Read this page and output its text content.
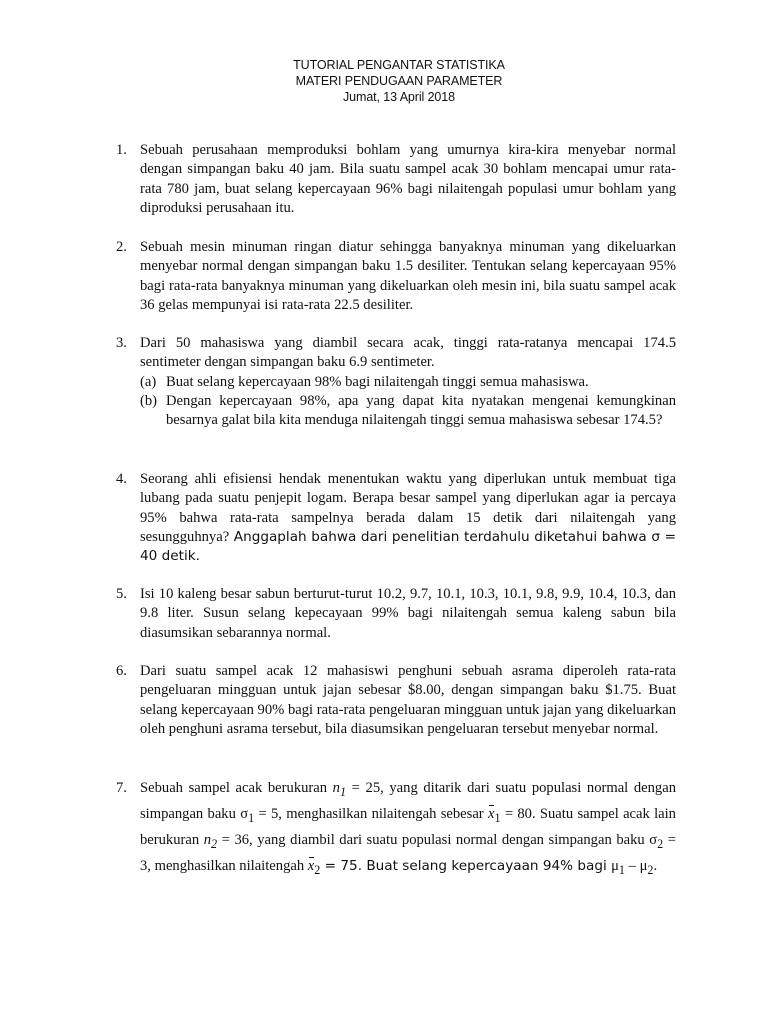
TUTORIAL PENGANTAR STATISTIKA
MATERI PENDUGAAN PARAMETER
Jumat, 13 April 2018
1. Sebuah perusahaan memproduksi bohlam yang umurnya kira-kira menyebar normal dengan simpangan baku 40 jam. Bila suatu sampel acak 30 bohlam mencapai umur rata-rata 780 jam, buat selang kepercayaan 96% bagi nilaitengah populasi umur bohlam yang diproduksi perusahaan itu.
2. Sebuah mesin minuman ringan diatur sehingga banyaknya minuman yang dikeluarkan menyebar normal dengan simpangan baku 1.5 desiliter. Tentukan selang kepercayaan 95% bagi rata-rata banyaknya minuman yang dikeluarkan oleh mesin ini, bila suatu sampel acak 36 gelas mempunyai isi rata-rata 22.5 desiliter.
3. Dari 50 mahasiswa yang diambil secara acak, tinggi rata-ratanya mencapai 174.5 sentimeter dengan simpangan baku 6.9 sentimeter.
(a) Buat selang kepercayaan 98% bagi nilaitengah tinggi semua mahasiswa.
(b) Dengan kepercayaan 98%, apa yang dapat kita nyatakan mengenai kemungkinan besarnya galat bila kita menduga nilaitengah tinggi semua mahasiswa sebesar 174.5?
4. Seorang ahli efisiensi hendak menentukan waktu yang diperlukan untuk membuat tiga lubang pada suatu penjepit logam. Berapa besar sampel yang diperlukan agar ia percaya 95% bahwa rata-rata sampelnya berada dalam 15 detik dari nilaitengah yang sesungguhnya? Anggaplah bahwa dari penelitian terdahulu diketahui bahwa σ = 40 detik.
5. Isi 10 kaleng besar sabun berturut-turut 10.2, 9.7, 10.1, 10.3, 10.1, 9.8, 9.9, 10.4, 10.3, dan 9.8 liter. Susun selang kepecayaan 99% bagi nilaitengah semua kaleng sabun bila diasumsikan sebarannya normal.
6. Dari suatu sampel acak 12 mahasiswi penghuni sebuah asrama diperoleh rata-rata pengeluaran mingguan untuk jajan sebesar $8.00, dengan simpangan baku $1.75. Buat selang kepercayaan 90% bagi rata-rata pengeluaran mingguan untuk jajan yang dikeluarkan oleh penghuni asrama tersebut, bila diasumsikan pengeluaran tersebut menyebar normal.
7. Sebuah sampel acak berukuran $n_1 = 25$, yang ditarik dari suatu populasi normal dengan simpangan baku $\sigma_1 = 5$, menghasilkan nilaitengah sebesar $x_1 = 80$. Suatu sampel acak lain berukuran $n_2 = 36$, yang diambil dari suatu populasi normal dengan simpangan baku $\sigma_2 = 3$, menghasilkan nilaitengah $x_2 = 75$. Buat selang kepercayaan 94% bagi $\mu_1 - \mu_2$.
